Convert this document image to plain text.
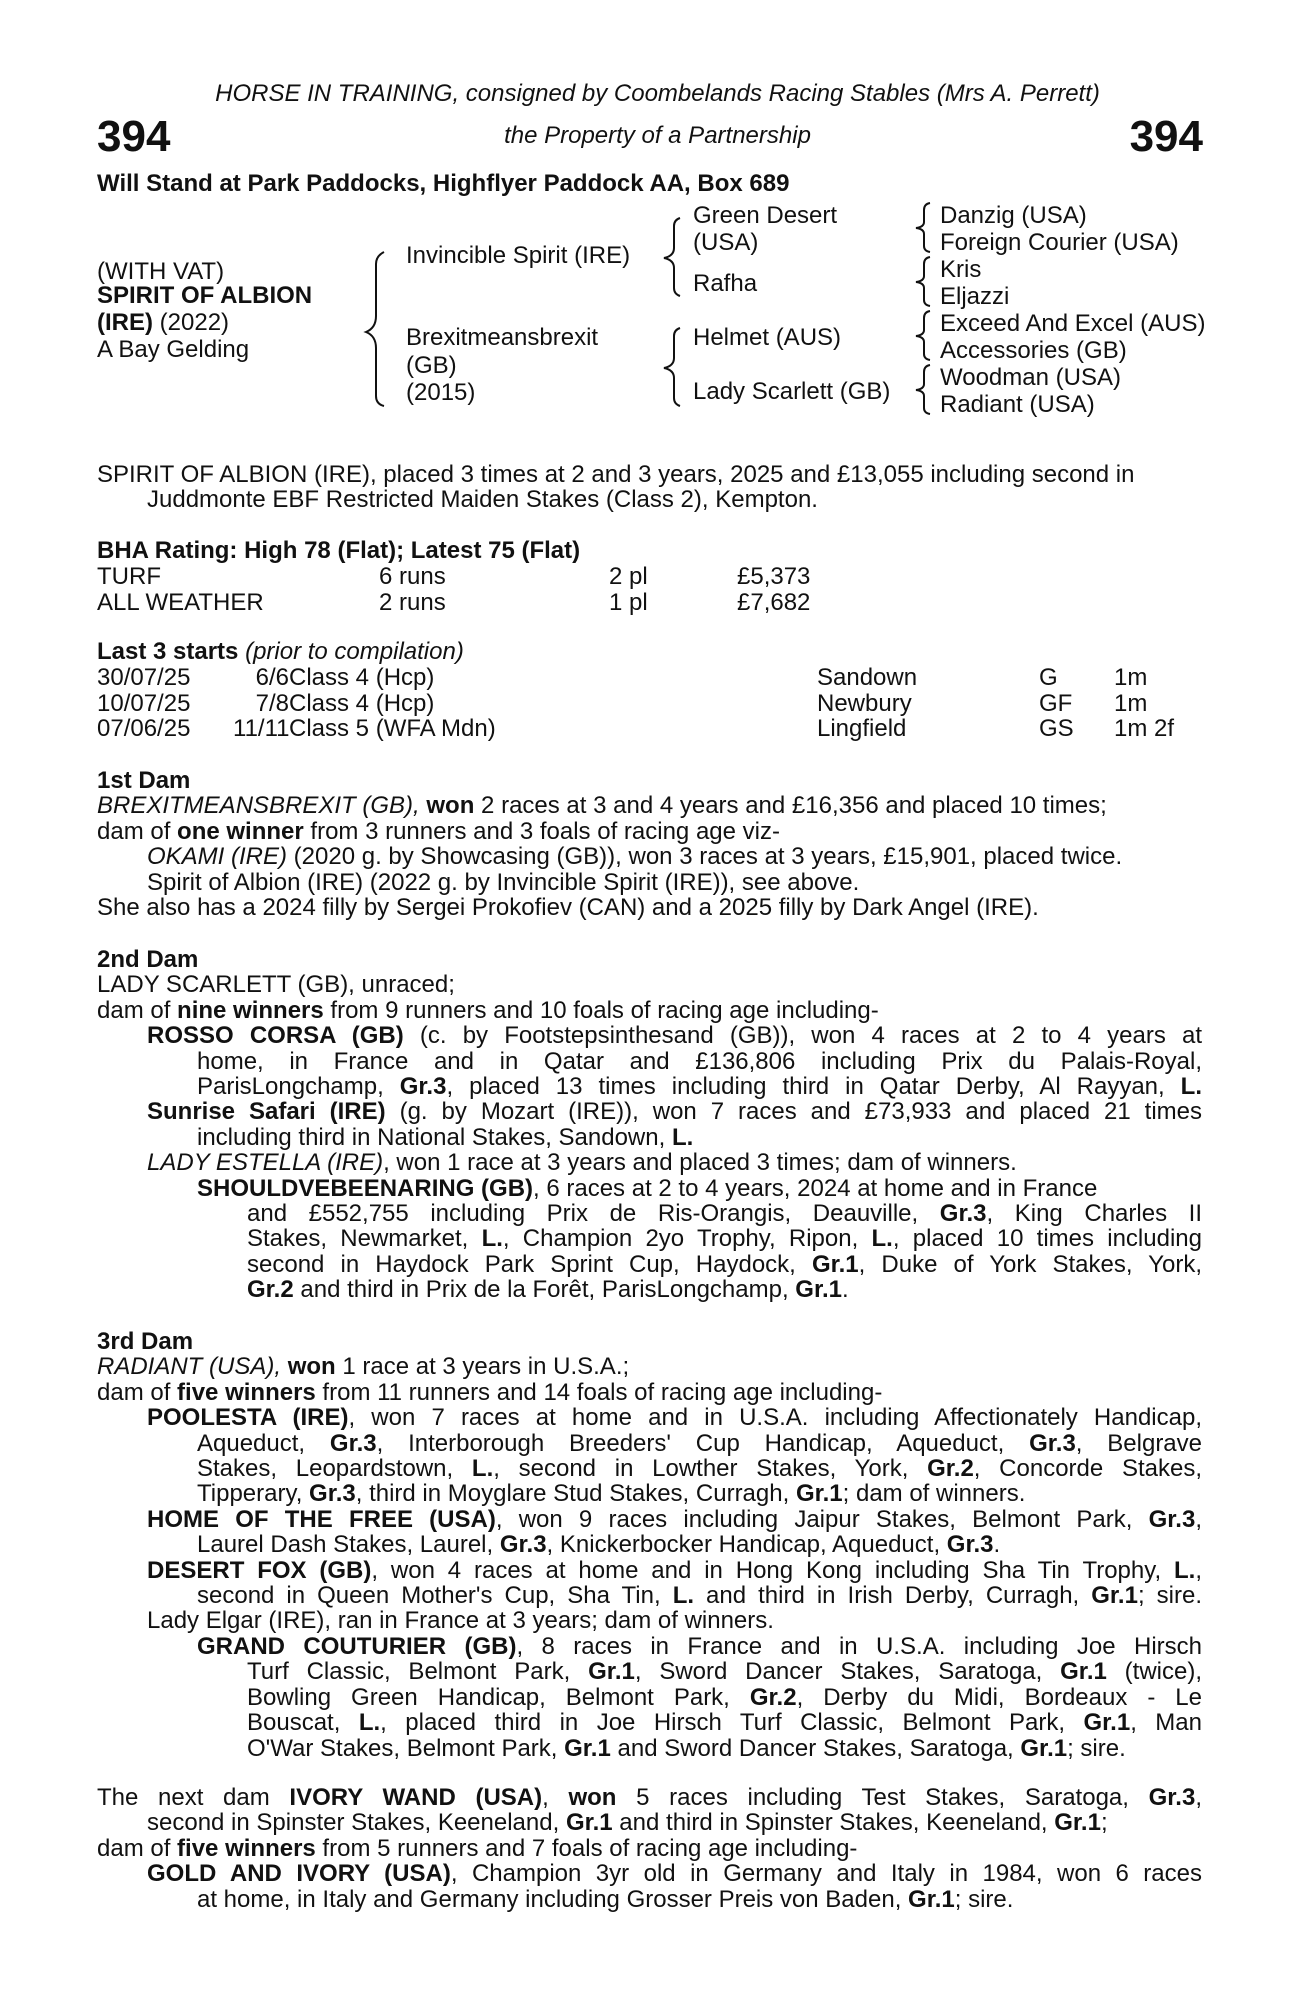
HORSE IN TRAINING, consigned by Coombelands Racing Stables (Mrs A. Perrett)
394	the Property of a Partnership	394
Will Stand at Park Paddocks, Highflyer Paddock AA, Box 689
(WITH VAT)
SPIRIT OF ALBION
(IRE) (2022)
A Bay Gelding
Invincible Spirit (IRE)
Brexitmeansbrexit
(GB)
(2015)
Green Desert
(USA)
Rafha
Helmet (AUS)
Lady Scarlett (GB)
Danzig (USA)
Foreign Courier (USA)
Kris
Eljazzi
Exceed And Excel (AUS)
Accessories (GB)
Woodman (USA)
Radiant (USA)
SPIRIT OF ALBION (IRE), placed 3 times at 2 and 3 years, 2025 and £13,055 including second in
Juddmonte EBF Restricted Maiden Stakes (Class 2), Kempton.
BHA Rating: High 78 (Flat); Latest 75 (Flat)
TURF	6 runs	2 pl	£5,373
ALL WEATHER	2 runs	1 pl	£7,682
Last 3 starts (prior to compilation)
30/07/25	6/6 Class 4 (Hcp)	Sandown	G 1m
10/07/25	7/8 Class 4 (Hcp)	Newbury	GF 1m
07/06/25 11/11 Class 5 (WFA Mdn)	Lingfield	GS 1m 2f
1st Dam
BREXITMEANSBREXIT (GB), won 2 races at 3 and 4 years and £16,356 and placed 10 times;
dam of one winner from 3 runners and 3 foals of racing age viz-
OKAMI (IRE) (2020 g. by Showcasing (GB)), won 3 races at 3 years, £15,901, placed twice.
Spirit of Albion (IRE) (2022 g. by Invincible Spirit (IRE)), see above.
She also has a 2024 filly by Sergei Prokofiev (CAN) and a 2025 filly by Dark Angel (IRE).
2nd Dam
LADY SCARLETT (GB), unraced;
dam of nine winners from 9 runners and 10 foals of racing age including-
ROSSO CORSA (GB) (c. by Footstepsinthesand (GB)), won 4 races at 2 to 4 years at
home, in France and in Qatar and £136,806 including Prix du Palais-Royal,
ParisLongchamp, Gr.3, placed 13 times including third in Qatar Derby, Al Rayyan, L.
Sunrise Safari (IRE) (g. by Mozart (IRE)), won 7 races and £73,933 and placed 21 times
including third in National Stakes, Sandown, L.
LADY ESTELLA (IRE), won 1 race at 3 years and placed 3 times; dam of winners.
SHOULDVEBEENARING (GB), 6 races at 2 to 4 years, 2024 at home and in France
and £552,755 including Prix de Ris-Orangis, Deauville, Gr.3, King Charles II
Stakes, Newmarket, L., Champion 2yo Trophy, Ripon, L., placed 10 times including
second in Haydock Park Sprint Cup, Haydock, Gr.1, Duke of York Stakes, York,
Gr.2 and third in Prix de la Forêt, ParisLongchamp, Gr.1.
3rd Dam
RADIANT (USA), won 1 race at 3 years in U.S.A.;
dam of five winners from 11 runners and 14 foals of racing age including-
POOLESTA (IRE), won 7 races at home and in U.S.A. including Affectionately Handicap,
Aqueduct, Gr.3, Interborough Breeders' Cup Handicap, Aqueduct, Gr.3, Belgrave
Stakes, Leopardstown, L., second in Lowther Stakes, York, Gr.2, Concorde Stakes,
Tipperary, Gr.3, third in Moyglare Stud Stakes, Curragh, Gr.1; dam of winners.
HOME OF THE FREE (USA), won 9 races including Jaipur Stakes, Belmont Park, Gr.3,
Laurel Dash Stakes, Laurel, Gr.3, Knickerbocker Handicap, Aqueduct, Gr.3.
DESERT FOX (GB), won 4 races at home and in Hong Kong including Sha Tin Trophy, L.,
second in Queen Mother's Cup, Sha Tin, L. and third in Irish Derby, Curragh, Gr.1; sire.
Lady Elgar (IRE), ran in France at 3 years; dam of winners.
GRAND COUTURIER (GB), 8 races in France and in U.S.A. including Joe Hirsch
Turf Classic, Belmont Park, Gr.1, Sword Dancer Stakes, Saratoga, Gr.1 (twice),
Bowling Green Handicap, Belmont Park, Gr.2, Derby du Midi, Bordeaux - Le
Bouscat, L., placed third in Joe Hirsch Turf Classic, Belmont Park, Gr.1, Man
O'War Stakes, Belmont Park, Gr.1 and Sword Dancer Stakes, Saratoga, Gr.1; sire.
The next dam IVORY WAND (USA), won 5 races including Test Stakes, Saratoga, Gr.3,
second in Spinster Stakes, Keeneland, Gr.1 and third in Spinster Stakes, Keeneland, Gr.1;
dam of five winners from 5 runners and 7 foals of racing age including-
GOLD AND IVORY (USA), Champion 3yr old in Germany and Italy in 1984, won 6 races
at home, in Italy and Germany including Grosser Preis von Baden, Gr.1; sire.
